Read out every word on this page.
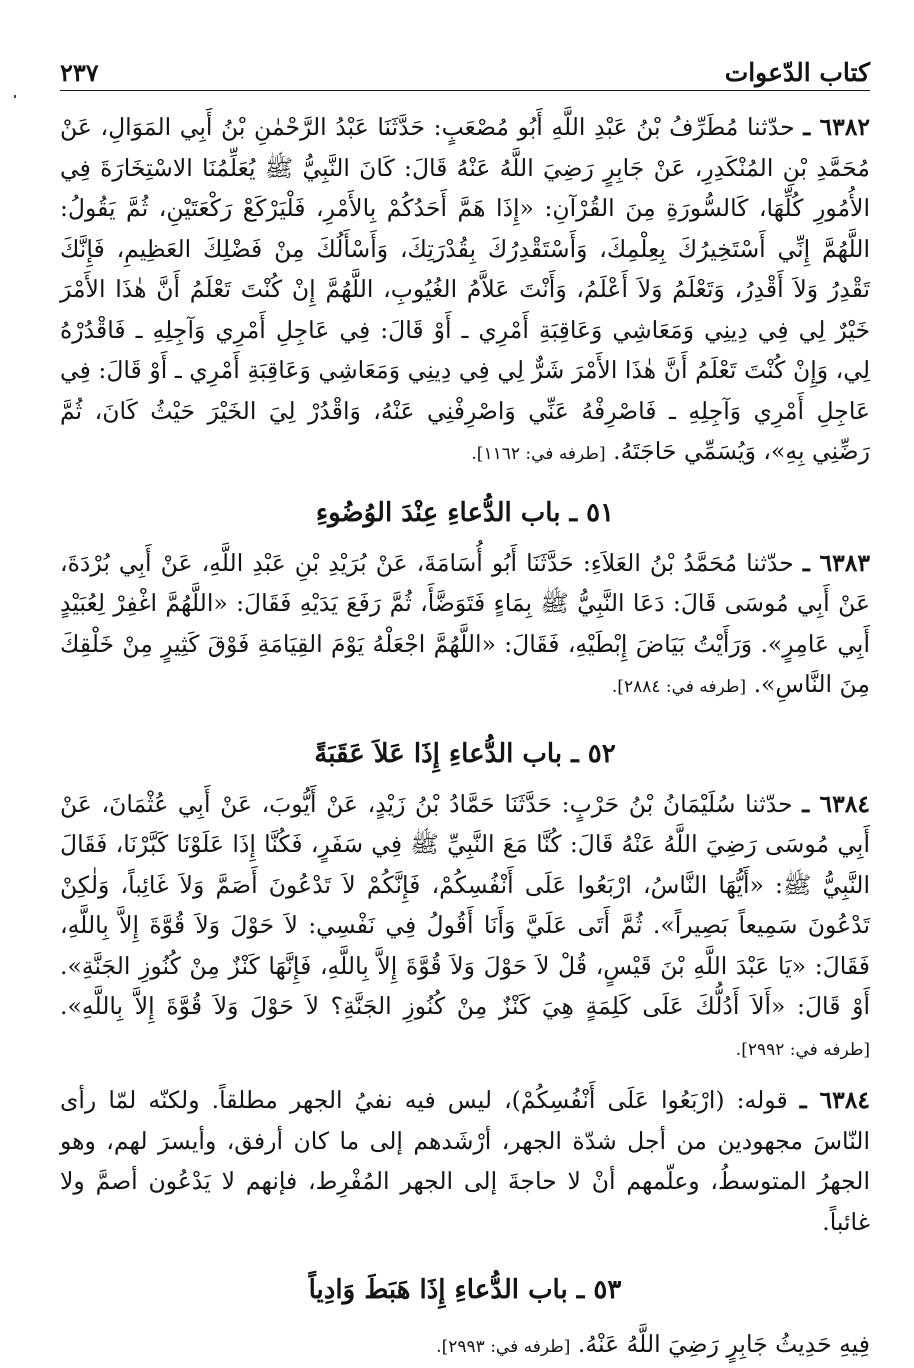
كتاب الدّعوات
٢٣٧

٦٣٨٢ ـ حدّثنا مُطَرِّفُ بْنُ عَبْدِ اللَّهِ أَبُو مُصْعَبٍ: حَدَّثَنَا عَبْدُ الرَّحْمٰنِ بْنُ أَبِي المَوَالِ، عَنْ مُحَمَّدِ بْنِ المُنْكَدِرِ، عَنْ جَابِرٍ رَضِيَ اللَّهُ عَنْهُ قَالَ: كَانَ النَّبِيُّ ﷺ يُعَلِّمُنَا الاسْتِخَارَةَ فِي الأُمُورِ كُلِّهَا، كَالسُّورَةِ مِنَ القُرْآنِ: «إِذَا هَمَّ أَحَدُكُمْ بِالأَمْرِ، فَلْيَرْكَعْ رَكْعَتَيْنِ، ثُمَّ يَقُولُ: اللَّهُمَّ إِنِّي أَسْتَخِيرُكَ بِعِلْمِكَ، وَأَسْتَقْدِرُكَ بِقُدْرَتِكَ، وَأَسْأَلُكَ مِنْ فَضْلِكَ العَظِيمِ، فَإِنَّكَ تَقْدِرُ وَلاَ أَقْدِرُ، وَتَعْلَمُ وَلاَ أَعْلَمُ، وَأَنْتَ عَلاَّمُ الغُيُوبِ، اللَّهُمَّ إِنْ كُنْتَ تَعْلَمُ أَنَّ هٰذَا الأَمْرَ خَيْرٌ لِي فِي دِينِي وَمَعَاشِي وَعَاقِبَةِ أَمْرِي ـ أَوْ قَالَ: فِي عَاجِلِ أَمْرِي وَآجِلِهِ ـ فَاقْدُرْهُ لِي، وَإِنْ كُنْتَ تَعْلَمُ أَنَّ هٰذَا الأَمْرَ شَرٌّ لِي فِي دِينِي وَمَعَاشِي وَعَاقِبَةِ أَمْرِي ـ أَوْ قَالَ: فِي عَاجِلِ أَمْرِي وَآجِلِهِ ـ فَاصْرِفْهُ عَنِّي وَاصْرِفْنِي عَنْهُ، وَاقْدُرْ لِيَ الخَيْرَ حَيْثُ كَانَ، ثُمَّ رَضِّنِي بِهِ»، وَيُسَمِّي حَاجَتَهُ. [طرفه في: ١١٦٢].

٥١ ـ باب الدُّعاءِ عِنْدَ الوُضُوءِ

٦٣٨٣ ـ حدّثنا مُحَمَّدُ بْنُ العَلاَءِ: حَدَّثَنَا أَبُو أُسَامَةَ، عَنْ بُرَيْدِ بْنِ عَبْدِ اللَّهِ، عَنْ أَبِي بُرْدَةَ، عَنْ أَبِي مُوسَى قَالَ: دَعَا النَّبِيُّ ﷺ بِمَاءٍ فَتَوَضَّأَ، ثُمَّ رَفَعَ يَدَيْهِ فَقَالَ: «اللَّهُمَّ اغْفِرْ لِعُبَيْدٍ أَبِي عَامِرٍ». وَرَأَيْتُ بَيَاضَ إِبْطَيْهِ، فَقَالَ: «اللَّهُمَّ اجْعَلْهُ يَوْمَ القِيَامَةِ فَوْقَ كَثِيرٍ مِنْ خَلْقِكَ مِنَ النَّاسِ». [طرفه في: ٢٨٨٤].

٥٢ ـ باب الدُّعاءِ إِذَا عَلاَ عَقَبَةً

٦٣٨٤ ـ حدّثنا سُلَيْمَانُ بْنُ حَرْبٍ: حَدَّثَنَا حَمَّادُ بْنُ زَيْدٍ، عَنْ أَيُّوبَ، عَنْ أَبِي عُثْمَانَ، عَنْ أَبِي مُوسَى رَضِيَ اللَّهُ عَنْهُ قَالَ: كُنَّا مَعَ النَّبِيِّ ﷺ فِي سَفَرٍ، فَكُنَّا إِذَا عَلَوْنَا كَبَّرْنَا، فَقَالَ النَّبِيُّ ﷺ: «أَيُّهَا النَّاسُ، ارْبَعُوا عَلَى أَنْفُسِكُمْ، فَإِنَّكُمْ لاَ تَدْعُونَ أَصَمَّ وَلاَ غَائِباً، وَلٰكِنْ تَدْعُونَ سَمِيعاً بَصِيراً». ثُمَّ أَتَى عَلَيَّ وَأَنَا أَقُولُ فِي نَفْسِي: لاَ حَوْلَ وَلاَ قُوَّةَ إِلاَّ بِاللَّهِ، فَقَالَ: «يَا عَبْدَ اللَّهِ بْنَ قَيْسٍ، قُلْ لاَ حَوْلَ وَلاَ قُوَّةَ إِلاَّ بِاللَّهِ، فَإِنَّهَا كَنْزٌ مِنْ كُنُوزِ الجَنَّةِ». أَوْ قَالَ: «أَلاَ أَدُلُّكَ عَلَى كَلِمَةٍ هِيَ كَنْزٌ مِنْ كُنُوزِ الجَنَّةِ؟ لاَ حَوْلَ وَلاَ قُوَّةَ إِلاَّ بِاللَّهِ». [طرفه في: ٢٩٩٢].

٦٣٨٤ ـ قوله: (ارْبَعُوا عَلَى أَنْفُسِكُمْ)، ليس فيه نفيُ الجهر مطلقاً. ولكنّه لمّا رأى النّاسَ مجهودين من أجل شدّة الجهر، أرْشَدهم إلى ما كان أرفق، وأيسرَ لهم، وهو الجهرُ المتوسطُ، وعلّمهم أنْ لا حاجةَ إلى الجهر المُفْرِط، فإنهم لا يَدْعُون أصمَّ ولا غائباً.

٥٣ ـ باب الدُّعاءِ إِذَا هَبَطَ وَادِياً

فِيهِ حَدِيثُ جَابِرٍ رَضِيَ اللَّهُ عَنْهُ. [طرفه في: ٢٩٩٣].
